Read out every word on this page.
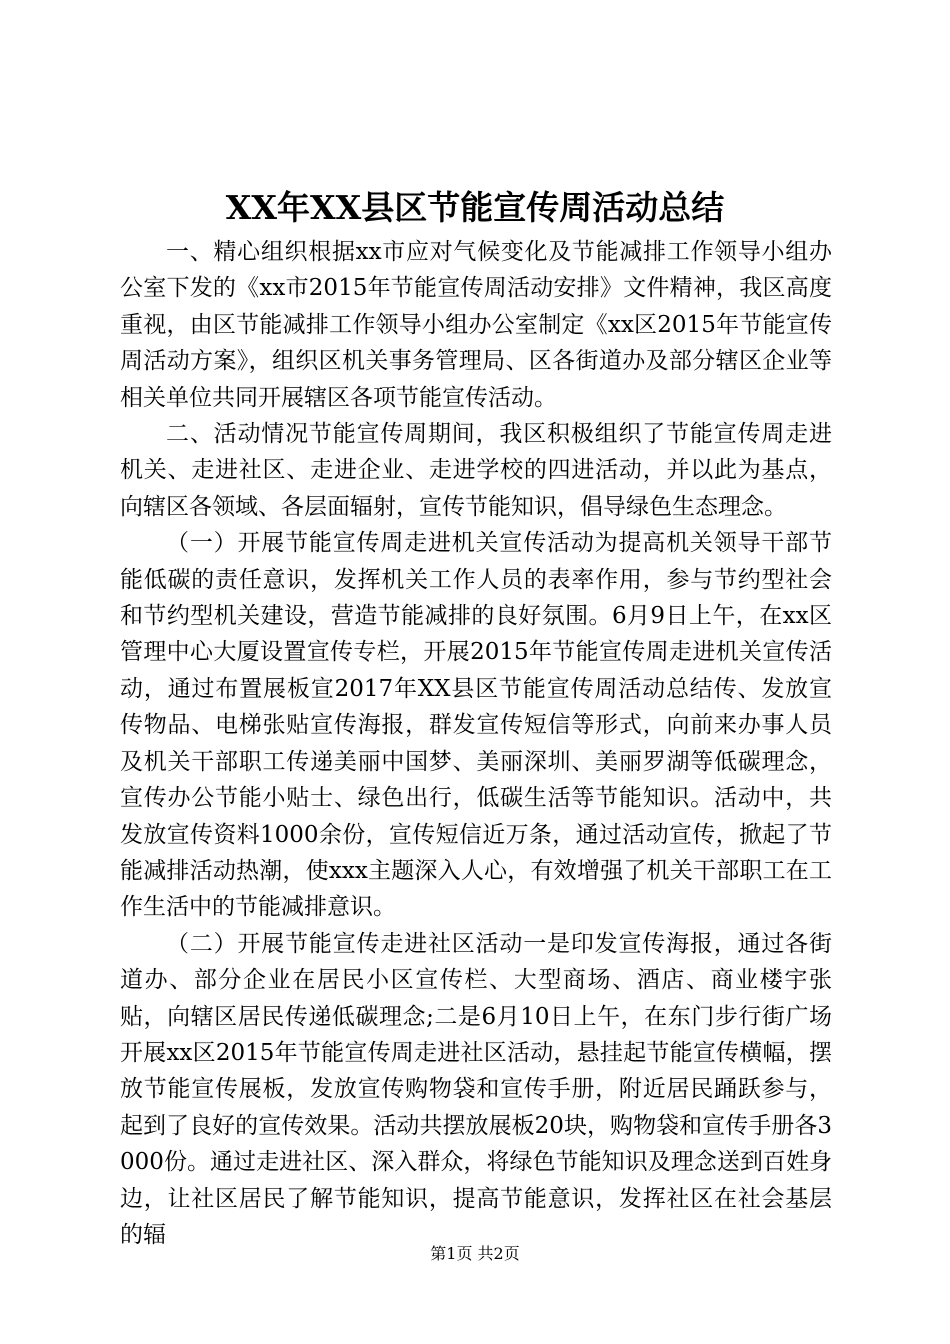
XX年XX县区节能宣传周活动总结

一、精心组织根据xx市应对气候变化及节能减排工作领导小组办公室下发的《xx市2015年节能宣传周活动安排》文件精神，我区高度重视，由区节能减排工作领导小组办公室制定《xx区2015年节能宣传周活动方案》，组织区机关事务管理局、区各街道办及部分辖区企业等相关单位共同开展辖区各项节能宣传活动。

二、活动情况节能宣传周期间，我区积极组织了节能宣传周走进机关、走进社区、走进企业、走进学校的四进活动，并以此为基点，向辖区各领域、各层面辐射，宣传节能知识，倡导绿色生态理念。

（一）开展节能宣传周走进机关宣传活动为提高机关领导干部节能低碳的责任意识，发挥机关工作人员的表率作用，参与节约型社会和节约型机关建设，营造节能减排的良好氛围。6月9日上午，在xx区管理中心大厦设置宣传专栏，开展2015年节能宣传周走进机关宣传活动，通过布置展板宣2017年XX县区节能宣传周活动总结传、发放宣传物品、电梯张贴宣传海报，群发宣传短信等形式，向前来办事人员及机关干部职工传递美丽中国梦、美丽深圳、美丽罗湖等低碳理念，宣传办公节能小贴士、绿色出行，低碳生活等节能知识。活动中，共发放宣传资料1000余份，宣传短信近万条，通过活动宣传，掀起了节能减排活动热潮，使xxx主题深入人心，有效增强了机关干部职工在工作生活中的节能减排意识。

（二）开展节能宣传走进社区活动一是印发宣传海报，通过各街道办、部分企业在居民小区宣传栏、大型商场、酒店、商业楼宇张贴，向辖区居民传递低碳理念;二是6月10日上午，在东门步行街广场开展xx区2015年节能宣传周走进社区活动，悬挂起节能宣传横幅，摆放节能宣传展板，发放宣传购物袋和宣传手册，附近居民踊跃参与，起到了良好的宣传效果。活动共摆放展板20块，购物袋和宣传手册各3000份。通过走进社区、深入群众，将绿色节能知识及理念送到百姓身边，让社区居民了解节能知识，提高节能意识，发挥社区在社会基层的辐

第1页 共2页
